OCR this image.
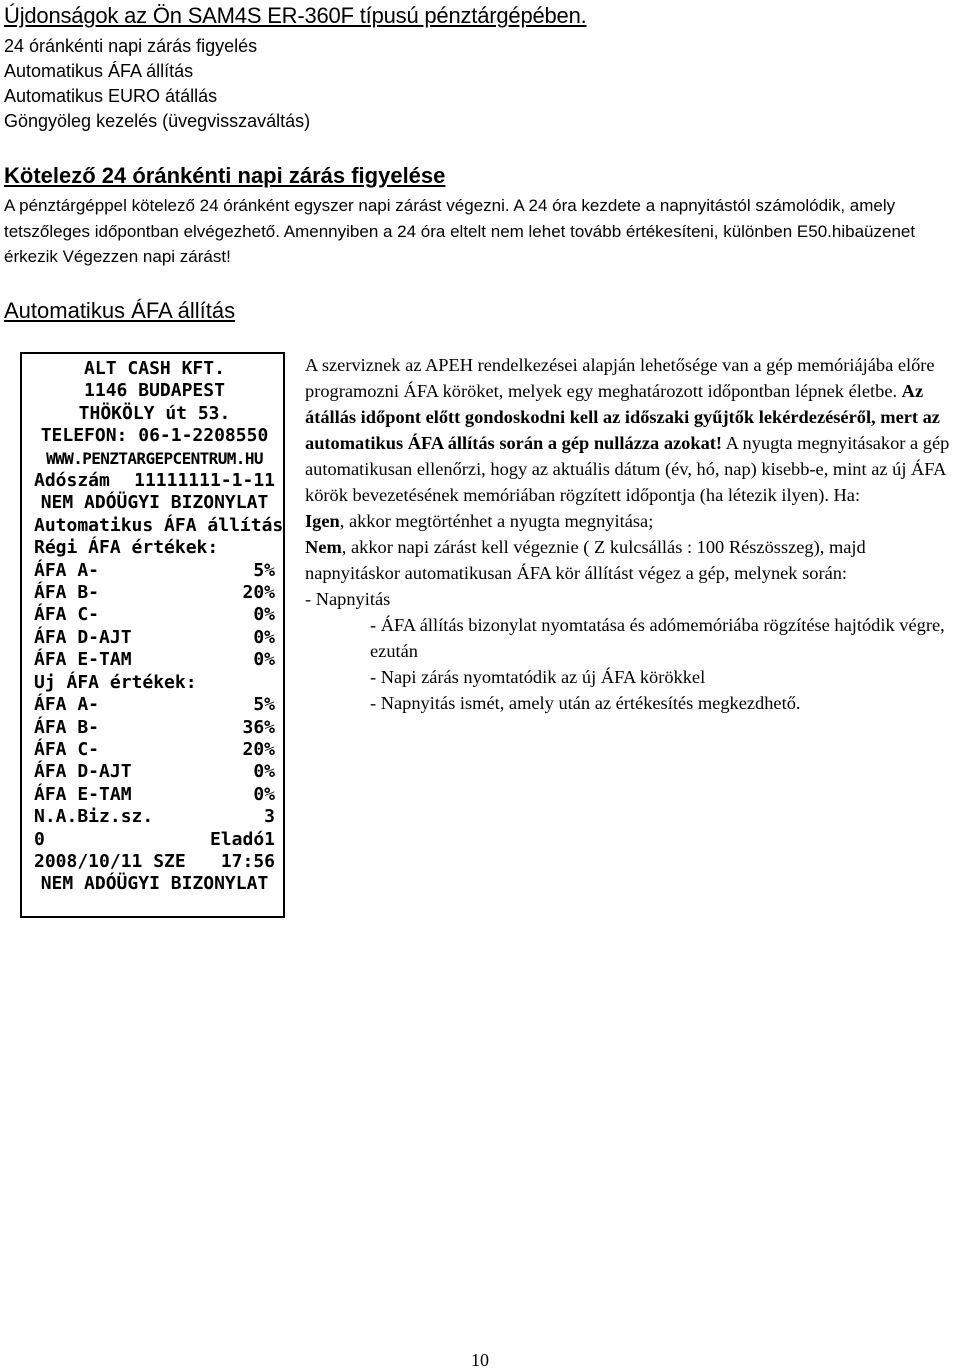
Újdonságok az Ön SAM4S ER-360F típusú pénztárgépében.
24 óránkénti napi zárás figyelés
Automatikus ÁFA állítás
Automatikus EURO átállás
Göngyöleg kezelés (üvegvisszaváltás)
Kötelező 24 óránkénti napi zárás figyelése

A pénztárgéppel kötelező 24 óránként egyszer napi zárást végezni. A 24 óra kezdete a napnyitástól számolódik, amely tetszőleges időpontban elvégezhető. Amennyiben a 24 óra eltelt nem lehet tovább értékesíteni, különben E50.hibaüzenet érkezik Végezzen napi zárást!

Automatikus ÁFA állítás
ALT CASH KFT.
1146 BUDAPEST
THÖKÖLY út 53.
TELEFON: 06-1-2208550
WWW.PENZTARGEPCENTRUM.HU
Adószám 11111111-1-11
NEM ADÓÜGYI BIZONYLAT
Automatikus ÁFA állítás
Régi ÁFA értékek:
ÁFA A-	5%
ÁFA B-	20%
ÁFA C-	0%
ÁFA D-AJT	0%
ÁFA E-TAM	0%
Uj ÁFA értékek:
ÁFA A-	5%
ÁFA B-	36%
ÁFA C-	20%
ÁFA D-AJT	0%
ÁFA E-TAM	0%
N.A.Biz.sz.	3
0	Eladó1
2008/10/11 SZE 17:56
NEM ADÓÜGYI BIZONYLAT

A szerviznek az APEH rendelkezései alapján lehetősége van a gép memóriájába előre programozni ÁFA köröket, melyek egy meghatározott időpontban lépnek életbe. Az átállás időpont előtt gondoskodni kell az időszaki gyűjtők lekérdezéséről, mert az automatikus ÁFA állítás során a gép nullázza azokat! A nyugta megnyitásakor a gép automatikusan ellenőrzi, hogy az aktuális dátum (év, hó, nap) kisebb-e, mint az új ÁFA körök bevezetésének memóriában rögzített időpontja (ha létezik ilyen). Ha:

Igen, akkor megtörténhet a nyugta megnyitása;

Nem, akkor napi zárást kell végeznie ( Z kulcsállás : 100 Részösszeg), majd napnyitáskor automatikusan ÁFA kör állítást végez a gép, melynek során:

- Napnyitás

- ÁFA állítás bizonylat nyomtatása és adómemóriába rögzítése hajtódik végre, ezután

- Napi zárás nyomtatódik az új ÁFA körökkel

- Napnyitás ismét, amely után az értékesítés megkezdhető.

10
